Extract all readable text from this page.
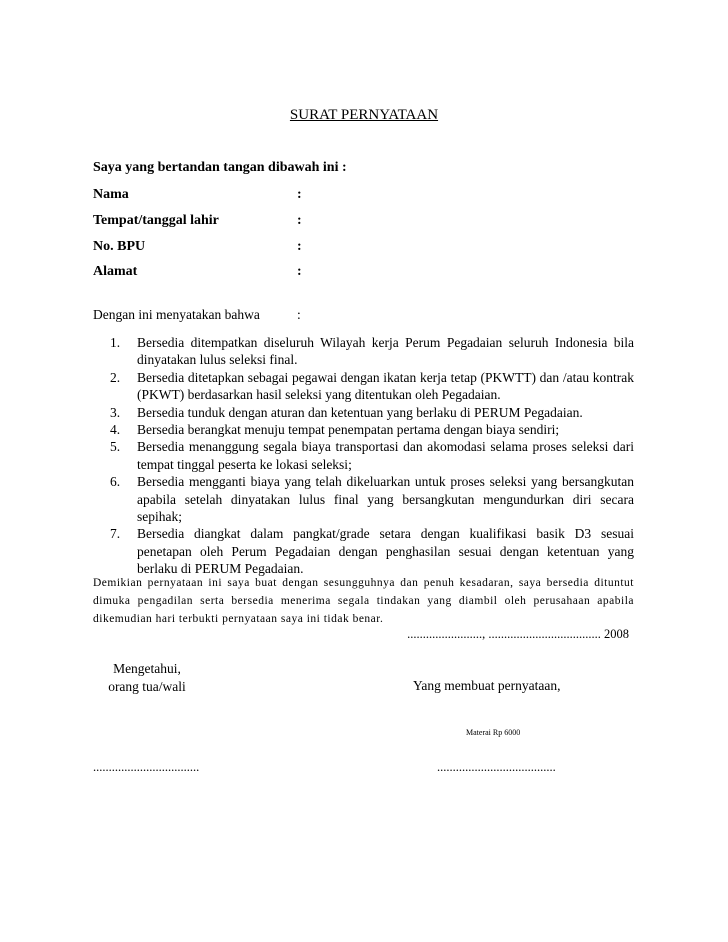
SURAT PERNYATAAN
Saya yang bertandan tangan dibawah ini :
Nama	:
Tempat/tanggal lahir	:
No. BPU	:
Alamat	:
Dengan ini menyatakan bahwa	:
1.	Bersedia ditempatkan diseluruh Wilayah kerja Perum Pegadaian seluruh Indonesia bila dinyatakan lulus seleksi final.
2.	Bersedia ditetapkan sebagai pegawai dengan ikatan kerja tetap (PKWTT) dan /atau kontrak (PKWT) berdasarkan hasil seleksi yang ditentukan oleh Pegadaian.
3.	Bersedia tunduk dengan aturan dan ketentuan yang berlaku di PERUM Pegadaian.
4.	Bersedia berangkat menuju tempat penempatan pertama dengan biaya sendiri;
5.	Bersedia menanggung segala biaya transportasi dan akomodasi selama proses seleksi dari tempat tinggal peserta ke lokasi seleksi;
6.	Bersedia mengganti biaya yang telah dikeluarkan untuk proses seleksi yang bersangkutan apabila setelah dinyatakan lulus final yang bersangkutan mengundurkan diri secara sepihak;
7.	Bersedia diangkat dalam pangkat/grade setara dengan kualifikasi basik D3 sesuai penetapan oleh Perum Pegadaian dengan penghasilan sesuai dengan ketentuan yang berlaku di PERUM Pegadaian.
Demikian pernyataan ini saya buat dengan sesungguhnya dan penuh kesadaran, saya bersedia dituntut dimuka pengadilan serta bersedia menerima segala tindakan yang diambil oleh perusahaan apabila dikemudian hari terbukti pernyataan saya ini tidak benar.
........................, .................................... 2008
Mengetahui,
orang tua/wali	Yang membuat pernyataan,
Materai Rp 6000
..................................	......................................
